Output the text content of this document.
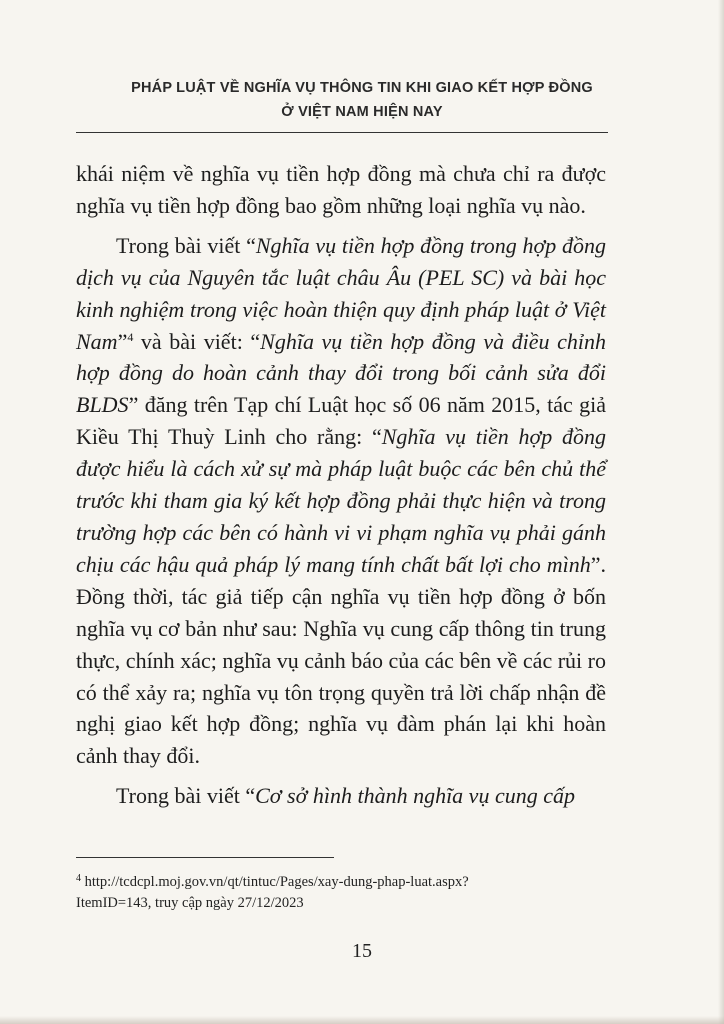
PHÁP LUẬT VỀ NGHĨA VỤ THÔNG TIN KHI GIAO KẾT HỢP ĐỒNG
Ở VIỆT NAM HIỆN NAY

khái niệm về nghĩa vụ tiền hợp đồng mà chưa chỉ ra được nghĩa vụ tiền hợp đồng bao gồm những loại nghĩa vụ nào.

Trong bài viết “Nghĩa vụ tiền hợp đồng trong hợp đồng dịch vụ của Nguyên tắc luật châu Âu (PEL SC) và bài học kinh nghiệm trong việc hoàn thiện quy định pháp luật ở Việt Nam”$^4$ và bài viết: “Nghĩa vụ tiền hợp đồng và điều chỉnh hợp đồng do hoàn cảnh thay đổi trong bối cảnh sửa đổi BLDS” đăng trên Tạp chí Luật học số 06 năm 2015, tác giả Kiều Thị Thuỳ Linh cho rằng: “Nghĩa vụ tiền hợp đồng được hiểu là cách xử sự mà pháp luật buộc các bên chủ thể trước khi tham gia ký kết hợp đồng phải thực hiện và trong trường hợp các bên có hành vi vi phạm nghĩa vụ phải gánh chịu các hậu quả pháp lý mang tính chất bất lợi cho mình”. Đồng thời, tác giả tiếp cận nghĩa vụ tiền hợp đồng ở bốn nghĩa vụ cơ bản như sau: Nghĩa vụ cung cấp thông tin trung thực, chính xác; nghĩa vụ cảnh báo của các bên về các rủi ro có thể xảy ra; nghĩa vụ tôn trọng quyền trả lời chấp nhận đề nghị giao kết hợp đồng; nghĩa vụ đàm phán lại khi hoàn cảnh thay đổi.

Trong bài viết “Cơ sở hình thành nghĩa vụ cung cấp

$^4$ http://tcdcpl.moj.gov.vn/qt/tintuc/Pages/xay-dung-phap-luat.aspx?
ItemID=143, truy cập ngày 27/12/2023
15
